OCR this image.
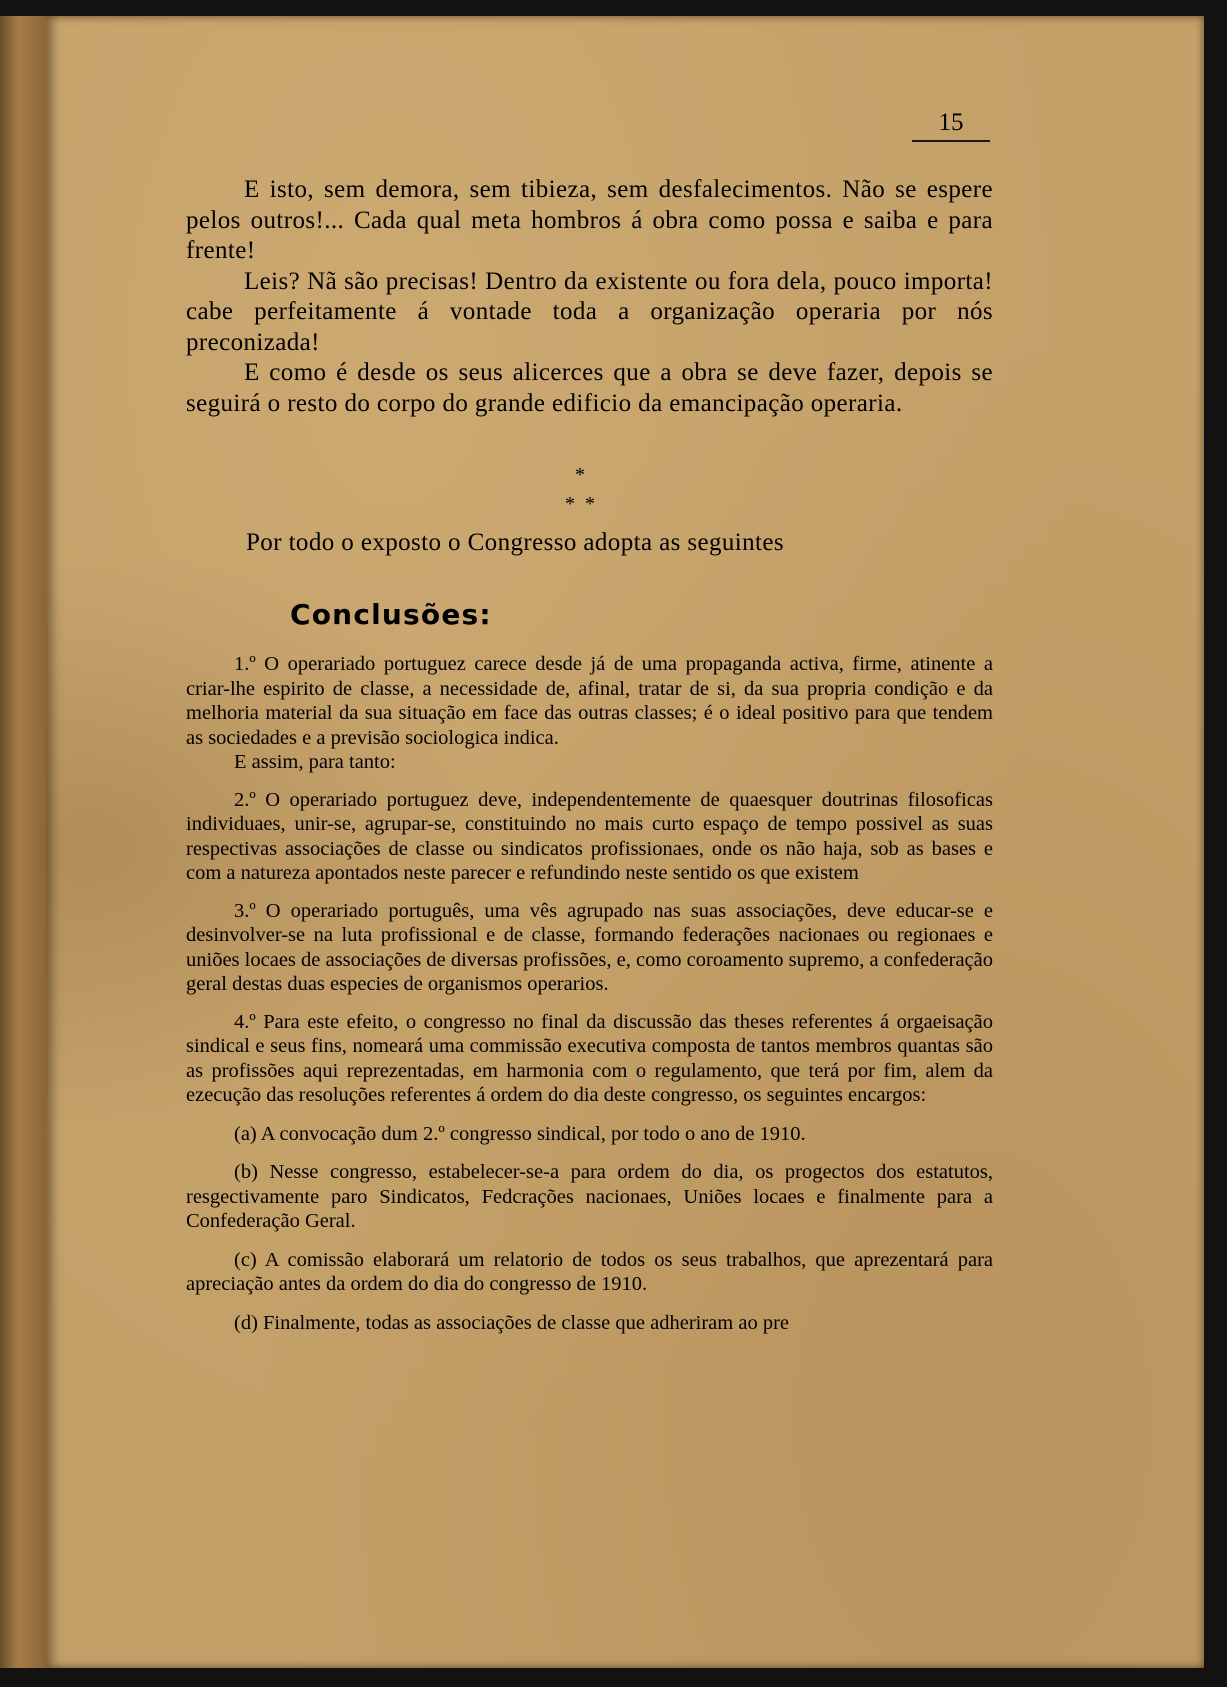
15

E isto, sem demora, sem tibieza, sem desfalecimentos. Não se espere pelos outros!... Cada qual meta hombros á obra como possa e saiba e para frente!

Leis? Nã são precisas! Dentro da existente ou fora dela, pouco importa! cabe perfeitamente á vontade toda a organização operaria por nós preconizada!

E como é desde os seus alicerces que a obra se deve fazer, depois se seguirá o resto do corpo do grande edificio da emancipação operaria.

*
*  *
Por todo o exposto o Congresso adopta as seguintes
Conclusões:

1.º O operariado portuguez carece desde já de uma propaganda activa, firme, atinente a criar-lhe espirito de classe, a necessidade de, afinal, tratar de si, da sua propria condição e da melhoria material da sua situação em face das outras classes; é o ideal positivo para que tendem as sociedades e a previsão sociologica indica.

E assim, para tanto:

2.º O operariado portuguez deve, independentemente de quaesquer doutrinas filosoficas individuaes, unir-se, agrupar-se, constituindo no mais curto espaço de tempo possivel as suas respectivas associações de classe ou sindicatos profissionaes, onde os não haja, sob as bases e com a natureza apontados neste parecer e refundindo neste sentido os que existem

3.º O operariado português, uma vês agrupado nas suas associações, deve educar-se e desinvolver-se na luta profissional e de classe, formando federações nacionaes ou regionaes e uniões locaes de associações de diversas profissões, e, como coroamento supremo, a confederação geral destas duas especies de organismos operarios.

4.º Para este efeito, o congresso no final da discussão das theses referentes á orgaeisação sindical e seus fins, nomeará uma commissão executiva composta de tantos membros quantas são as profissões aqui reprezentadas, em harmonia com o regulamento, que terá por fim, alem da ezecução das resoluções referentes á ordem do dia deste congresso, os seguintes encargos:

(a) A convocação dum 2.º congresso sindical, por todo o ano de 1910.

(b) Nesse congresso, estabelecer-se-a para ordem do dia, os progectos dos estatutos, resgectivamente paro Sindicatos, Fedcrações nacionaes, Uniões locaes e finalmente para a Confederação Geral.

(c) A comissão elaborará um relatorio de todos os seus trabalhos, que aprezentará para apreciação antes da ordem do dia do congresso de 1910.

(d) Finalmente, todas as associações de classe que adheriram ao pre
